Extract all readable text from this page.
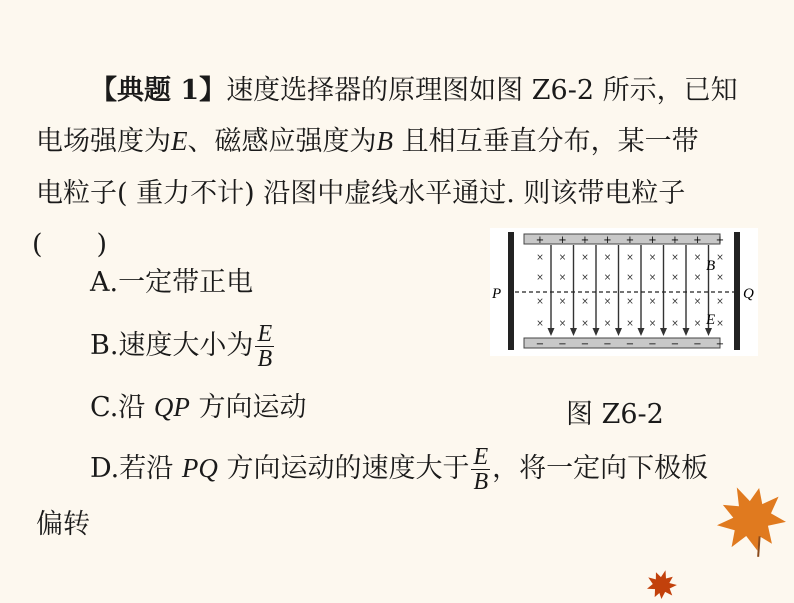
【典题 1】速度选择器的原理图如图 Z6-2 所示，已知
电场强度为E、磁感应强度为B 且相互垂直分布，某一带
电粒子( 重力不计) 沿图中虚线水平通过. 则该带电粒子
(　　)
A.一定带正电
B.速度大小为 $\frac{E}{B}$
C.沿 QP 方向运动
D.若沿 PQ 方向运动的速度大于 $\frac{E}{B}$ ，将一定向下极板
偏转
+ + + + + + + + +
− − − − − − − − −
×
×
×
×
×
×
×
×
×
×
×
×
×
×
×
×
×
×
×
×
×
×
×
×
×
×
×
×
×
×
×
×
×
×
×
×
P	Q
B
E
图 Z6-2
